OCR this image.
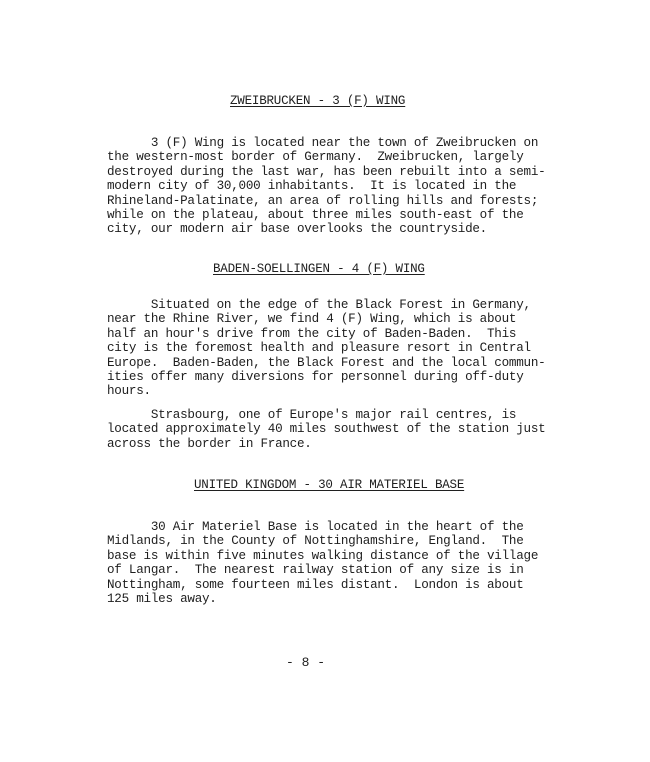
ZWEIBRUCKEN - 3 (F) WING
3 (F) Wing is located near the town of Zweibrucken on
the western-most border of Germany.  Zweibrucken, largely
destroyed during the last war, has been rebuilt into a semi-
modern city of 30,000 inhabitants.  It is located in the
Rhineland-Palatinate, an area of rolling hills and forests;
while on the plateau, about three miles south-east of the
city, our modern air base overlooks the countryside.
BADEN-SOELLINGEN - 4 (F) WING
Situated on the edge of the Black Forest in Germany,
near the Rhine River, we find 4 (F) Wing, which is about
half an hour's drive from the city of Baden-Baden.  This
city is the foremost health and pleasure resort in Central
Europe.  Baden-Baden, the Black Forest and the local commun-
ities offer many diversions for personnel during off-duty
hours.
Strasbourg, one of Europe's major rail centres, is
located approximately 40 miles southwest of the station just
across the border in France.
UNITED KINGDOM - 30 AIR MATERIEL BASE
30 Air Materiel Base is located in the heart of the
Midlands, in the County of Nottinghamshire, England.  The
base is within five minutes walking distance of the village
of Langar.  The nearest railway station of any size is in
Nottingham, some fourteen miles distant.  London is about
125 miles away.
- 8 -
